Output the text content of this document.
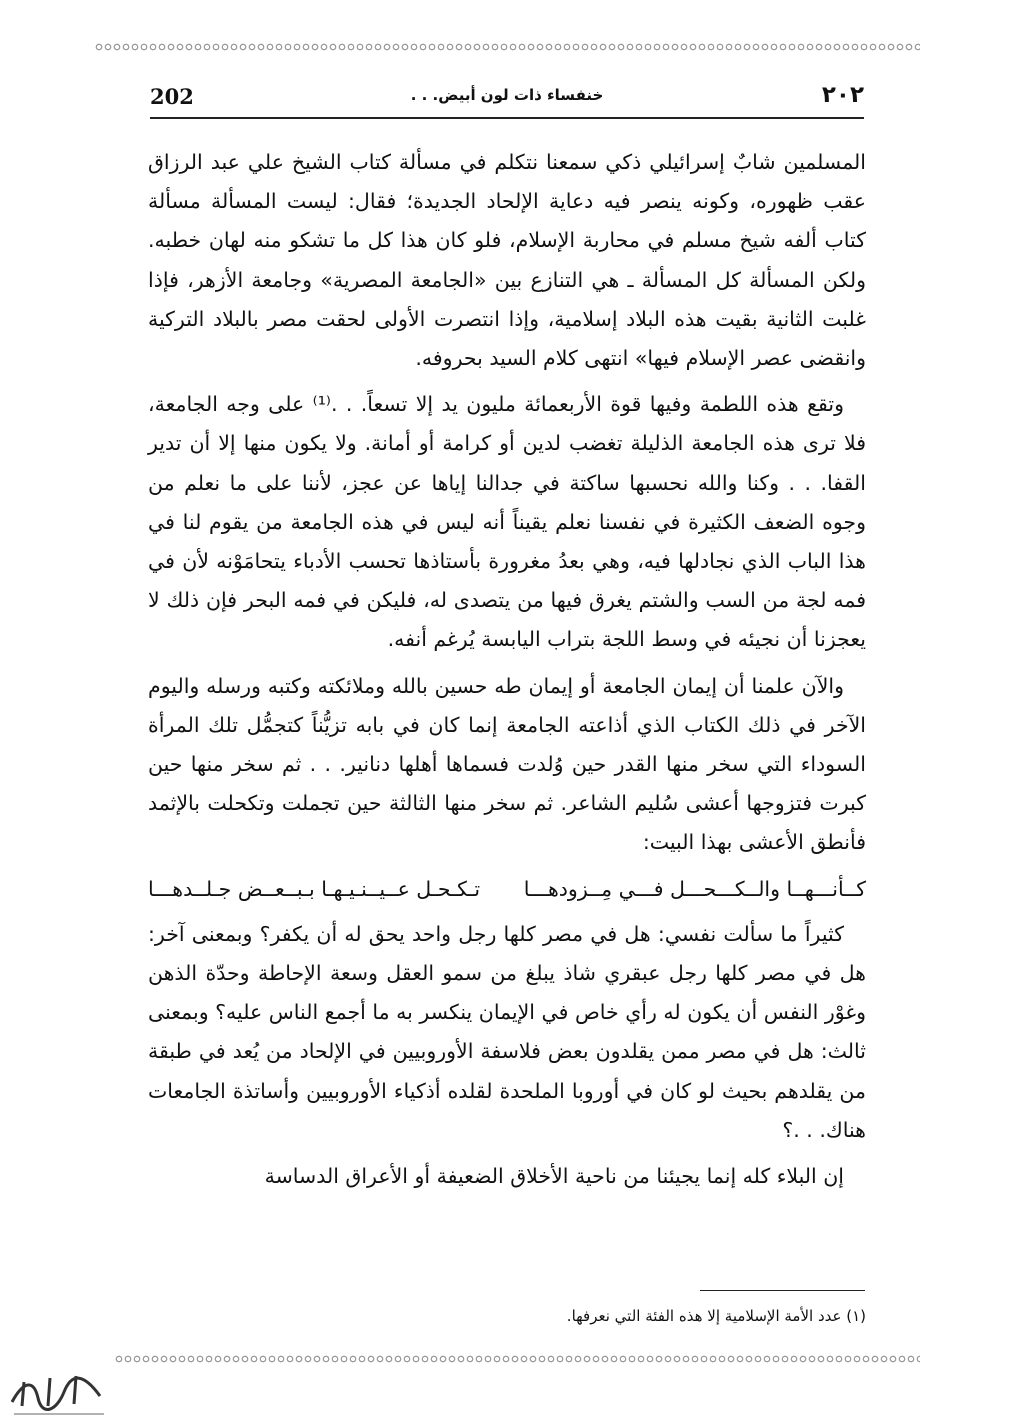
202	خنفساء ذات لون أبيض. . .	٢٠٢

المسلمين شابٌ إسرائيلي ذكي سمعنا نتكلم في مسألة كتاب الشيخ علي عبد الرزاق عقب ظهوره، وكونه ينصر فيه دعاية الإلحاد الجديدة؛ فقال: ليست المسألة مسألة كتاب ألفه شيخ مسلم في محاربة الإسلام، فلو كان هذا كل ما تشكو منه لهان خطبه. ولكن المسألة كل المسألة ـ هي التنازع بين «الجامعة المصرية» وجامعة الأزهر، فإذا غلبت الثانية بقيت هذه البلاد إسلامية، وإذا انتصرت الأولى لحقت مصر بالبلاد التركية وانقضى عصر الإسلام فيها» انتهى كلام السيد بحروفه.

وتقع هذه اللطمة وفيها قوة الأربعمائة مليون يد إلا تسعاً. . .⁽¹⁾ على وجه الجامعة، فلا ترى هذه الجامعة الذليلة تغضب لدين أو كرامة أو أمانة. ولا يكون منها إلا أن تدير القفا. . . وكنا والله نحسبها ساكتة في جدالنا إياها عن عجز، لأننا على ما نعلم من وجوه الضعف الكثيرة في نفسنا نعلم يقيناً أنه ليس في هذه الجامعة من يقوم لنا في هذا الباب الذي نجادلها فيه، وهي بعدُ مغرورة بأستاذها تحسب الأدباء يتحامَوْنه لأن في فمه لجة من السب والشتم يغرق فيها من يتصدى له، فليكن في فمه البحر فإن ذلك لا يعجزنا أن نجيئه في وسط اللجة بتراب اليابسة يُرغم أنفه.

والآن علمنا أن إيمان الجامعة أو إيمان طه حسين بالله وملائكته وكتبه ورسله واليوم الآخر في ذلك الكتاب الذي أذاعته الجامعة إنما كان في بابه تزيُّناً كتجمُّل تلك المرأة السوداء التي سخر منها القدر حين وُلدت فسماها أهلها دنانير. . . ثم سخر منها حين كبرت فتزوجها أعشى سُليم الشاعر. ثم سخر منها الثالثة حين تجملت وتكحلت بالإثمد فأنطق الأعشى بهذا البيت:

كــأنـــهــا والــكـــحـــل فـــي مِــزودهـــا
تـكـحـل عــيــنـيـهـا بـبــعــض جـلــدهـــا

كثيراً ما سألت نفسي: هل في مصر كلها رجل واحد يحق له أن يكفر؟ وبمعنى آخر: هل في مصر كلها رجل عبقري شاذ يبلغ من سمو العقل وسعة الإحاطة وحدّة الذهن وغوْر النفس أن يكون له رأي خاص في الإيمان ينكسر به ما أجمع الناس عليه؟ وبمعنى ثالث: هل في مصر ممن يقلدون بعض فلاسفة الأوروبيين في الإلحاد من يُعد في طبقة من يقلدهم بحيث لو كان في أوروبا الملحدة لقلده أذكياء الأوروبيين وأساتذة الجامعات هناك. . .؟

إن البلاء كله إنما يجيئنا من ناحية الأخلاق الضعيفة أو الأعراق الدساسة

(١) عدد الأمة الإسلامية إلا هذه الفئة التي نعرفها.
